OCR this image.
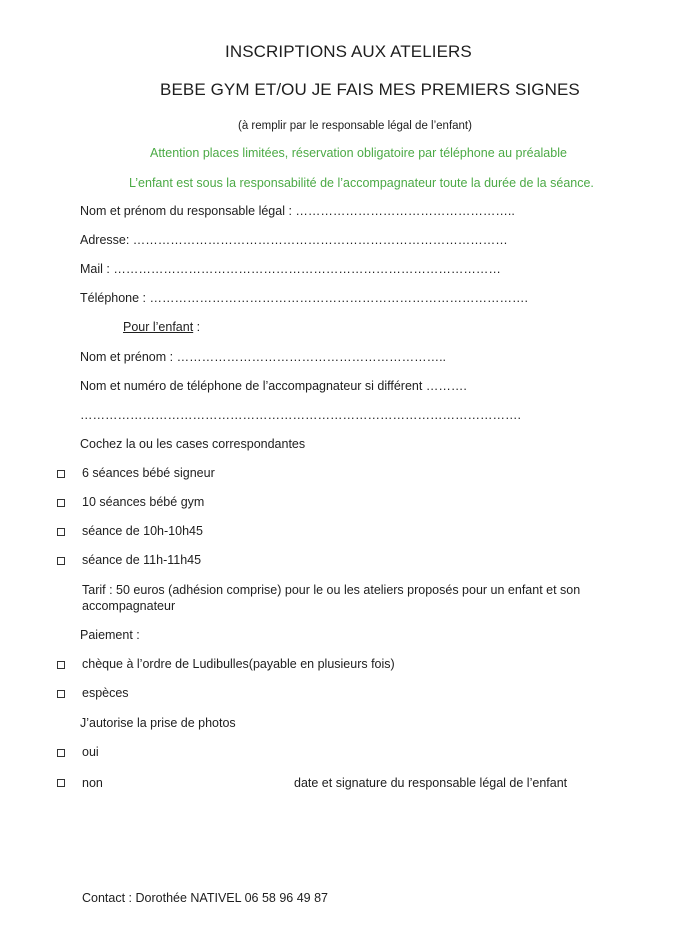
INSCRIPTIONS AUX ATELIERS
BEBE GYM ET/OU JE FAIS MES PREMIERS SIGNES
(à remplir par le responsable légal de l’enfant)
Attention places limitées, réservation obligatoire par téléphone au préalable
L’enfant est sous la responsabilité de l’accompagnateur toute la durée de la séance.
Nom et prénom du responsable légal : ……………………………………………..
Adresse: ………………………………………………………………………………
Mail : …………………………………………………………………………………
Téléphone : ……………………………………………………………………………….
Pour l’enfant :
Nom et prénom : ………………………………………………………..
Nom et numéro de téléphone de l’accompagnateur si différent ……….
…………………………………………………………………………………………….
Cochez la ou les cases correspondantes
6 séances bébé signeur
10 séances bébé gym
séance de 10h-10h45
séance de 11h-11h45
Tarif : 50 euros (adhésion comprise) pour le ou les ateliers proposés pour un enfant et son
accompagnateur
Paiement :
chèque à l’ordre de Ludibulles(payable en plusieurs fois)
espèces
J’autorise la prise de photos
oui
non	date et signature du responsable légal de l’enfant
Contact : Dorothée NATIVEL 06 58 96 49 87
